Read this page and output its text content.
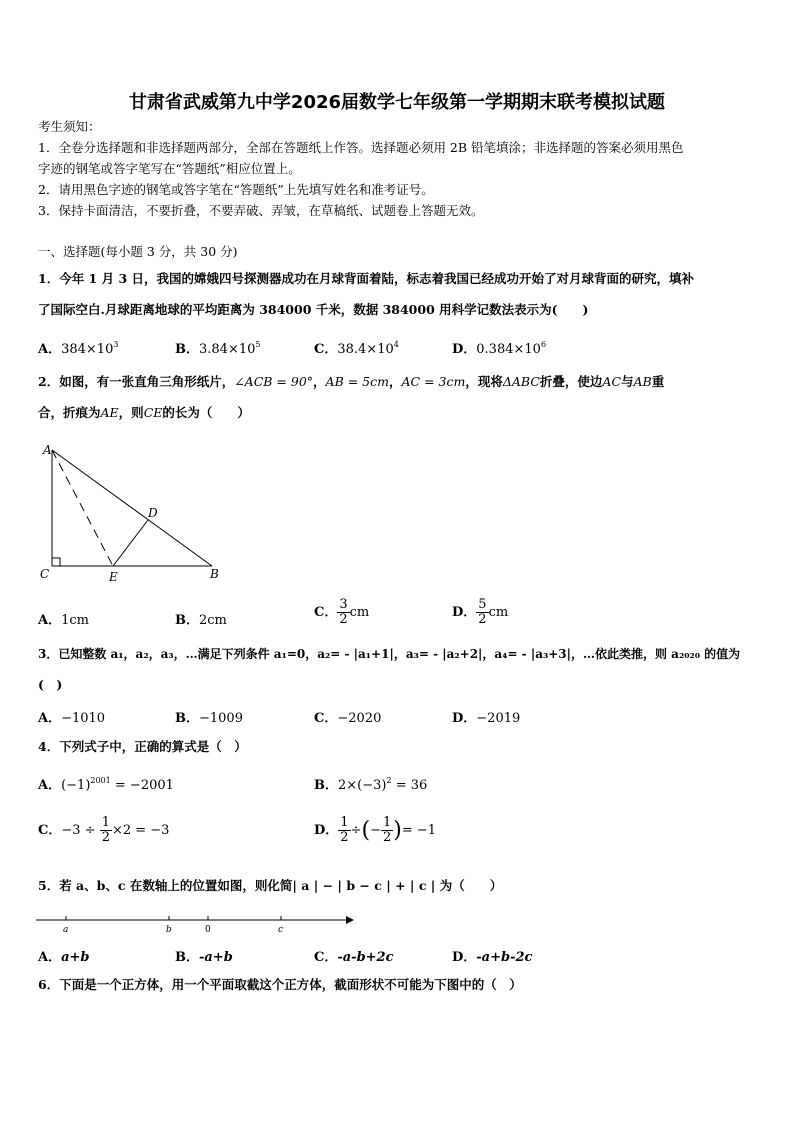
甘肃省武威第九中学2026届数学七年级第一学期期末联考模拟试题
考生须知：
1．全卷分选择题和非选择题两部分，全部在答题纸上作答。选择题必须用 2B 铅笔填涂；非选择题的答案必须用黑色
字迹的钢笔或答字笔写在“答题纸”相应位置上。
2．请用黑色字迹的钢笔或答字笔在“答题纸”上先填写姓名和准考证号。
3．保持卡面清洁，不要折叠，不要弄破、弄皱，在草稿纸、试题卷上答题无效。
一、选择题(每小题 3 分，共 30 分)
1．今年 1 月 3 日，我国的嫦娥四号探测器成功在月球背面着陆，标志着我国已经成功开始了对月球背面的研究，填补
了国际空白.月球距离地球的平均距离为 384000 千米，数据 384000 用科学记数法表示为(　　)
A．$384\times 10^3$	B．$3.84\times 10^5$	C．$38.4\times 10^4$	D．$0.384\times 10^6$
2．如图，有一张直角三角形纸片，∠ACB = 90°，AB = 5cm，AC = 3cm，现将ΔABC折叠，使边AC与AB重
合，折痕为AE，则CE的长为（　　）
A
C
D
E	B
A．1cm	B．2cm
C． $\frac{3}{2}$ cm	D． $\frac{5}{2}$ cm
3．已知整数 a₁，a₂，a₃，…满足下列条件 a₁=0，a₂= - |a₁+1|，a₃= - |a₂+2|，a₄= - |a₃+3|，…依此类推，则 a₂₀₂₀ 的值为
(　)
A．−1010	B．−1009	C．−2020	D．−2019
4．下列式子中，正确的算式是（　）
A．$(-1)^{2001} = -2001$	B．$2\times(-3)^2 = 36$
C．$-3 \div \frac{1}{2} \times 2 = -3$	D． $\frac{1}{2}$ ÷(− $\frac{1}{2}$ )= −1
5．若 a、b、c 在数轴上的位置如图，则化简| a | − | b − c | + | c | 为（　　）
a	b	0	c
A．a+b	B．-a+b	C．-a-b+2c	D．-a+b-2c
6．下面是一个正方体，用一个平面取截这个正方体，截面形状不可能为下图中的（　）
